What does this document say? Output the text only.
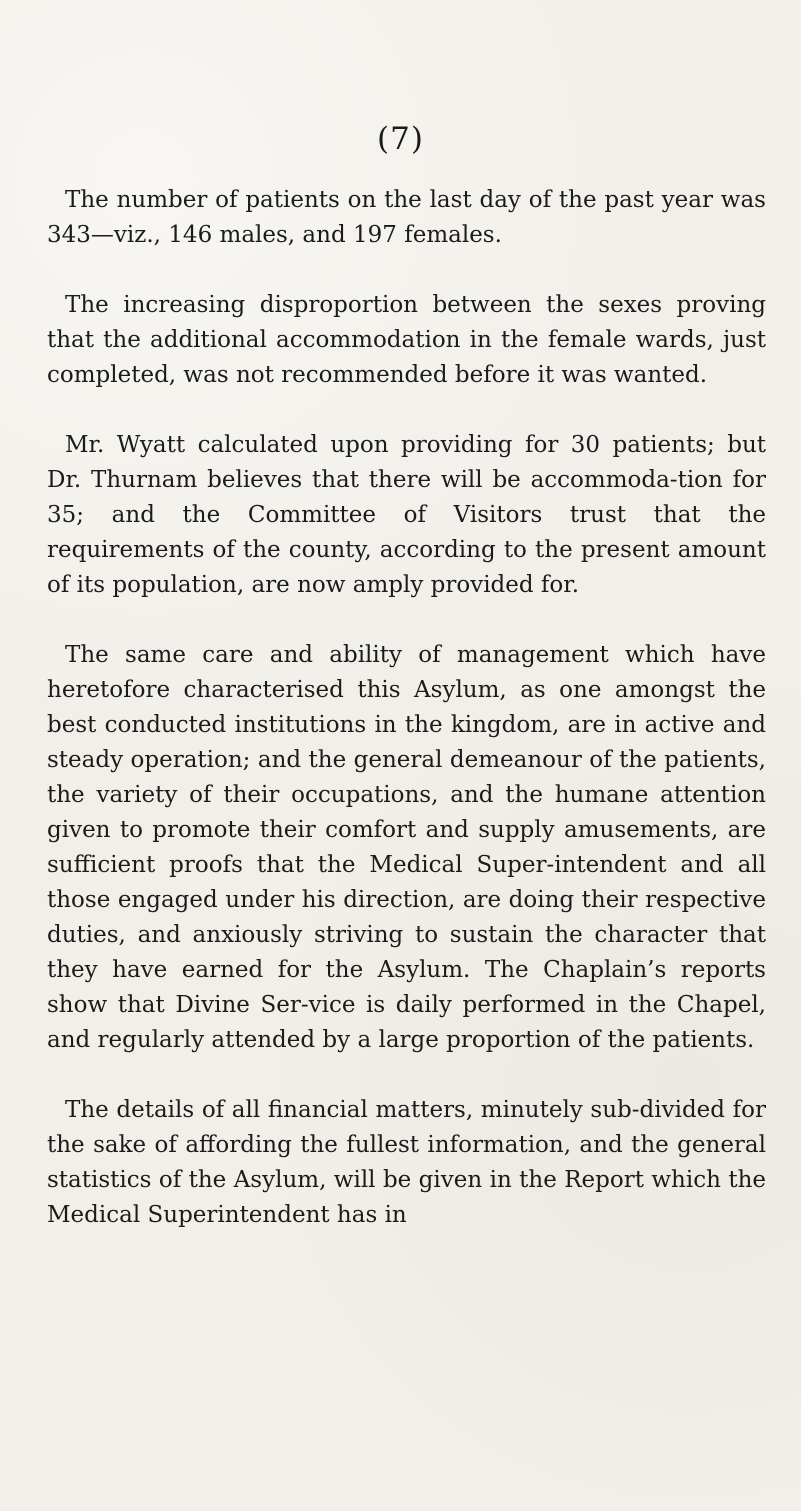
(7)

The number of patients on the last day of the past year was 343—viz., 146 males, and 197 females.

The increasing disproportion between the sexes proving that the additional accommodation in the female wards, just completed, was not recommended before it was wanted.

Mr. Wyatt calculated upon providing for 30 patients; but Dr. Thurnam believes that there will be accommoda-tion for 35; and the Committee of Visitors trust that the requirements of the county, according to the present amount of its population, are now amply provided for.

The same care and ability of management which have heretofore characterised this Asylum, as one amongst the best conducted institutions in the kingdom, are in active and steady operation; and the general demeanour of the patients, the variety of their occupations, and the humane attention given to promote their comfort and supply amusements, are sufficient proofs that the Medical Super-intendent and all those engaged under his direction, are doing their respective duties, and anxiously striving to sustain the character that they have earned for the Asylum. The Chaplain’s reports show that Divine Ser-vice is daily performed in the Chapel, and regularly attended by a large proportion of the patients.

The details of all financial matters, minutely sub-divided for the sake of affording the fullest information, and the general statistics of the Asylum, will be given in the Report which the Medical Superintendent has in
